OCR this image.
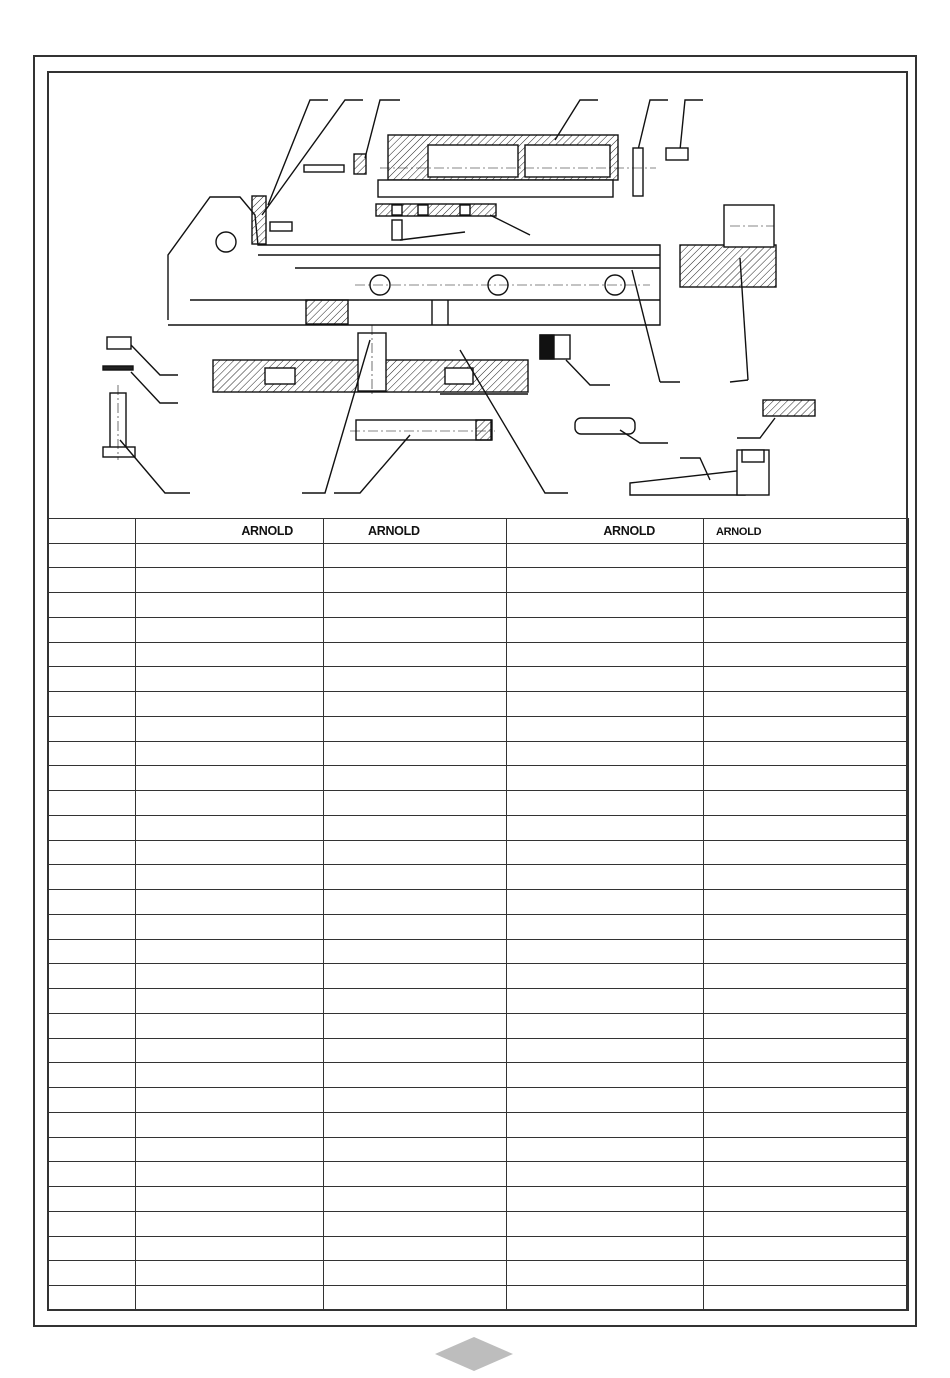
	ARNOLD	ARNOLD	ARNOLD	ARNOLD
